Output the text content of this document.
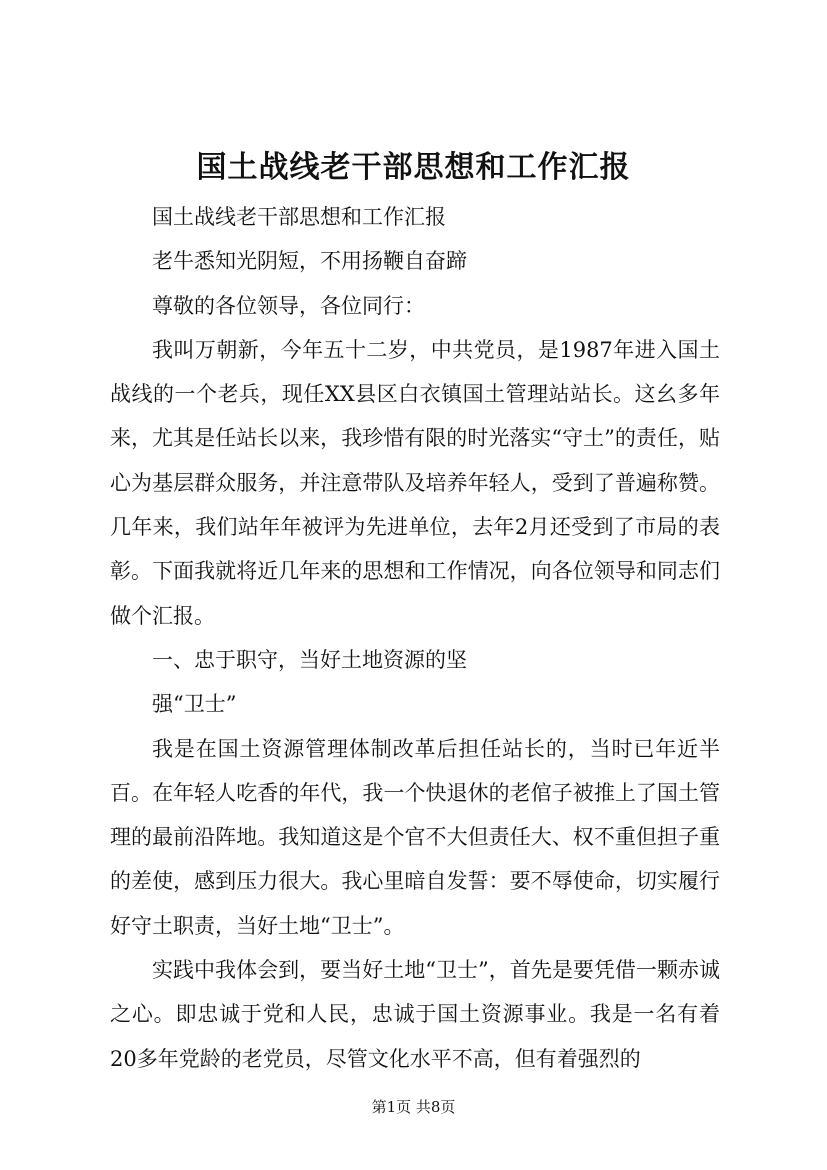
国土战线老干部思想和工作汇报

国土战线老干部思想和工作汇报

老牛悉知光阴短，不用扬鞭自奋蹄

尊敬的各位领导，各位同行：

我叫万朝新，今年五十二岁，中共党员，是1987年进入国土战线的一个老兵，现任XX县区白衣镇国土管理站站长。这幺多年来，尤其是任站长以来，我珍惜有限的时光落实“守土”的责任，贴心为基层群众服务，并注意带队及培养年轻人，受到了普遍称赞。几年来，我们站年年被评为先进单位，去年2月还受到了市局的表彰。下面我就将近几年来的思想和工作情况，向各位领导和同志们做个汇报。

一、忠于职守，当好土地资源的坚

强“卫士”

我是在国土资源管理体制改革后担任站长的，当时已年近半百。在年轻人吃香的年代，我一个快退休的老倌子被推上了国土管理的最前沿阵地。我知道这是个官不大但责任大、权不重但担子重的差使，感到压力很大。我心里暗自发誓：要不辱使命，切实履行好守土职责，当好土地“卫士”。

实践中我体会到，要当好土地“卫士”，首先是要凭借一颗赤诚之心。即忠诚于党和人民，忠诚于国土资源事业。我是一名有着20多年党龄的老党员，尽管文化水平不高，但有着强烈的

第1页 共8页
